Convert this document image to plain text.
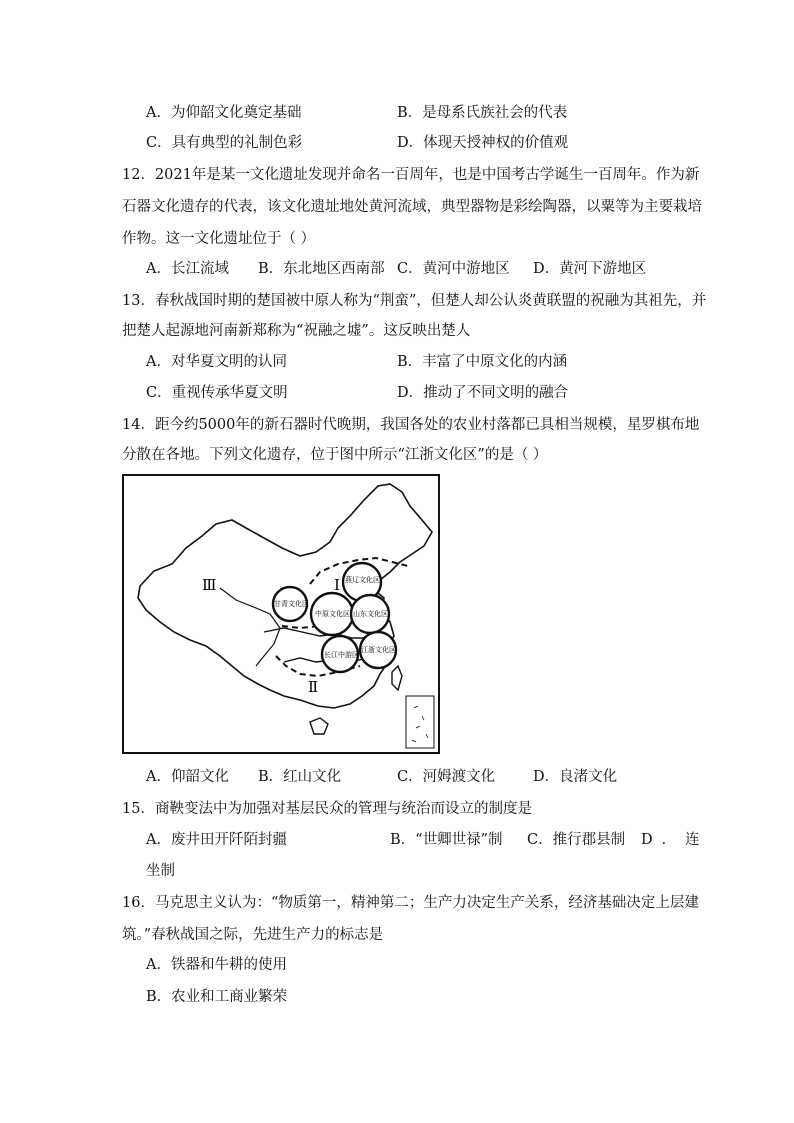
A．为仰韶文化奠定基础	B．是母系氏族社会的代表
C．具有典型的礼制色彩	D．体现天授神权的价值观
12．2021年是某一文化遗址发现并命名一百周年，也是中国考古学诞生一百周年。作为新
石器文化遗存的代表，该文化遗址地处黄河流域，典型器物是彩绘陶器，以粟等为主要栽培
作物。这一文化遗址位于（ ）
A．长江流域 B．东北地区西南部 C．黄河中游地区 D．黄河下游地区
13．春秋战国时期的楚国被中原人称为“荆蛮”，但楚人却公认炎黄联盟的祝融为其祖先，并
把楚人起源地河南新郑称为“祝融之墟”。这反映出楚人
A．对华夏文明的认同	B．丰富了中原文化的内涵
C．重视传承华夏文明	D．推动了不同文明的融合
14．距今约5000年的新石器时代晚期，我国各处的农业村落都已具相当规模，星罗棋布地
分散在各地。下列文化遗存，位于图中所示“江浙文化区”的是（ ）
燕辽文化区
甘青文化区
中原文化区 山东文化区
长江中游区
江浙文化区
Ⅰ
Ⅱ
Ⅲ
A．仰韶文化 B．红山文化	C．河姆渡文化	D．良渚文化
15．商鞅变法中为加强对基层民众的管理与统治而设立的制度是
A．废井田开阡陌封疆	B．“世卿世禄”制 C．推行郡县制 D．连
坐制
16．马克思主义认为：“物质第一，精神第二；生产力决定生产关系，经济基础决定上层建
筑。”春秋战国之际，先进生产力的标志是
A．铁器和牛耕的使用
B．农业和工商业繁荣
